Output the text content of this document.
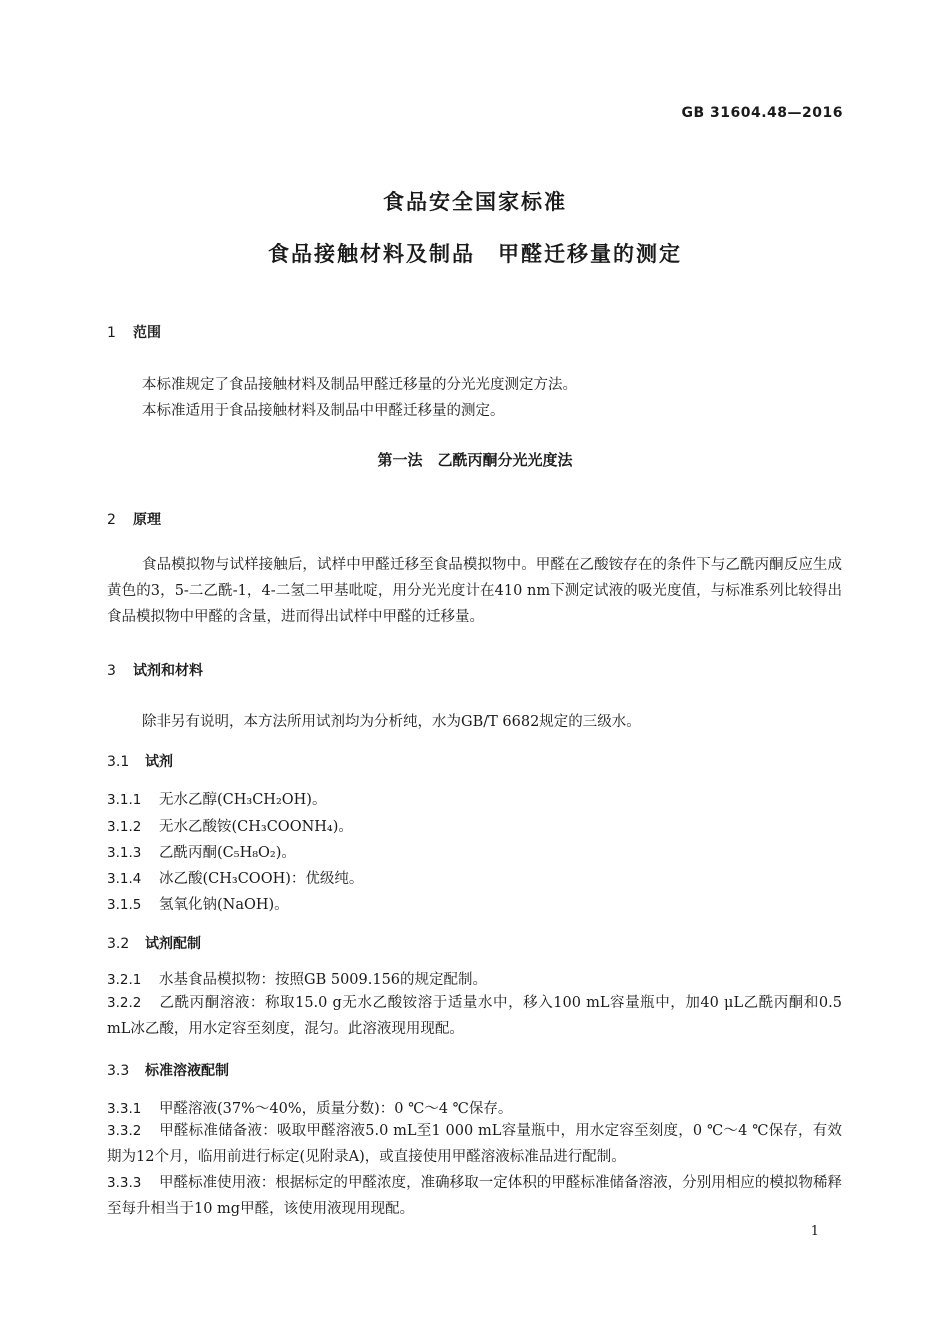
GB 31604.48—2016
食品安全国家标准
食品接触材料及制品　甲醛迁移量的测定
1 范围
本标准规定了食品接触材料及制品甲醛迁移量的分光光度测定方法。
本标准适用于食品接触材料及制品中甲醛迁移量的测定。
第一法　乙酰丙酮分光光度法
2 原理
食品模拟物与试样接触后，试样中甲醛迁移至食品模拟物中。甲醛在乙酸铵存在的条件下与乙酰丙酮反应生成黄色的3，5-二乙酰-1，4-二氢二甲基吡啶，用分光光度计在410 nm下测定试液的吸光度值，与标准系列比较得出食品模拟物中甲醛的含量，进而得出试样中甲醛的迁移量。
3 试剂和材料
除非另有说明，本方法所用试剂均为分析纯，水为GB/T 6682规定的三级水。
3.1 试剂
3.1.1 无水乙醇(CH₃CH₂OH)。
3.1.2 无水乙酸铵(CH₃COONH₄)。
3.1.3 乙酰丙酮(C₅H₈O₂)。
3.1.4 冰乙酸(CH₃COOH)：优级纯。
3.1.5 氢氧化钠(NaOH)。
3.2 试剂配制
3.2.1 水基食品模拟物：按照GB 5009.156的规定配制。
3.2.2 乙酰丙酮溶液：称取15.0 g无水乙酸铵溶于适量水中，移入100 mL容量瓶中，加40 μL乙酰丙酮和0.5 mL冰乙酸，用水定容至刻度，混匀。此溶液现用现配。
3.3 标准溶液配制
3.3.1 甲醛溶液(37%～40%，质量分数)：0 ℃～4 ℃保存。
3.3.2 甲醛标准储备液：吸取甲醛溶液5.0 mL至1 000 mL容量瓶中，用水定容至刻度，0 ℃～4 ℃保存，有效期为12个月，临用前进行标定(见附录A)，或直接使用甲醛溶液标准品进行配制。
3.3.3 甲醛标准使用液：根据标定的甲醛浓度，准确移取一定体积的甲醛标准储备溶液，分别用相应的模拟物稀释至每升相当于10 mg甲醛，该使用液现用现配。
1
